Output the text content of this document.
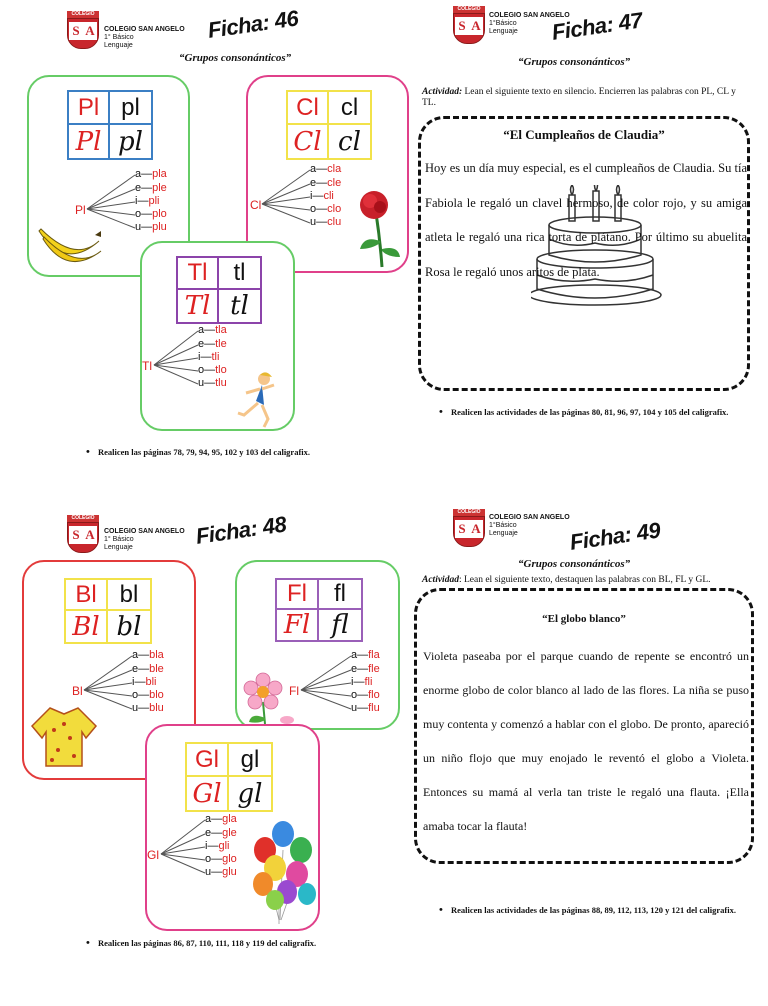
COLEGIO
S A	COLEGIO SAN ANGELO
1° Básico
Lenguaje
Ficha: 46
“Grupos consonánticos”
Pl pl
Pl pl
Pl
a—pla
e—ple
i—pli
o—plo
u—plu
Cl cl
Cl cl
Cl
a—cla
e—cle
i—cli
o—clo
u—clu
Tl	tl
Tl tl
Tl
a—tla
e—tle
i—tli
o—tlo
u—tlu
• Realicen las páginas 78, 79, 94, 95, 102 y 103 del caligrafix.
COLEGIO
S A
COLEGIO SAN ANGELO
1°Básico
Lenguaje	Ficha: 47
“Grupos consonánticos”
Actividad: Lean el siguiente texto en silencio. Encierren las palabras con PL, CL y TL.
“El Cumpleaños de Claudia”
Hoy es un día muy especial, es el cumpleaños de Claudia. Su tía Fabiola le regaló un clavel hermoso, de color rojo, y su amiga atleta le regaló una rica torta de plátano. Por último su abuelita Rosa le regaló unos aritos de plata.
• Realicen las actividades de las páginas 80, 81, 96, 97, 104 y 105 del caligrafix.
COLEGIO
S A	COLEGIO SAN ANGELO
1° Básico
Lenguaje	Ficha: 48
Bl bl
Bl bl
Bl
a—bla
e—ble
i—bli
o—blo
u—blu
Fl	fl
Fl fl
Fl
a—fla
e—fle
i—fli
o—flo
u—flu
Gl gl
Gl gl
Gl
a—gla
e—gle
i—gli
o—glo
u—glu
• Realicen las páginas 86, 87, 110, 111, 118 y 119 del caligrafix.
COLEGIO
S A
COLEGIO SAN ANGELO
1°Básico
Lenguaje	Ficha: 49
“Grupos consonánticos”
Actividad: Lean el siguiente texto, destaquen las palabras con BL, FL y GL.
“El globo blanco”
Violeta paseaba por el parque cuando de repente se encontró un enorme globo de color blanco al lado de las flores. La niña se puso muy contenta y comenzó a hablar con el globo. De pronto, apareció un niño flojo que muy enojado le reventó el globo a Violeta. Entonces su mamá al verla tan triste le regaló una flauta. ¡Ella amaba tocar la flauta!
• Realicen las actividades de las páginas 88, 89, 112, 113, 120 y 121 del caligrafix.
